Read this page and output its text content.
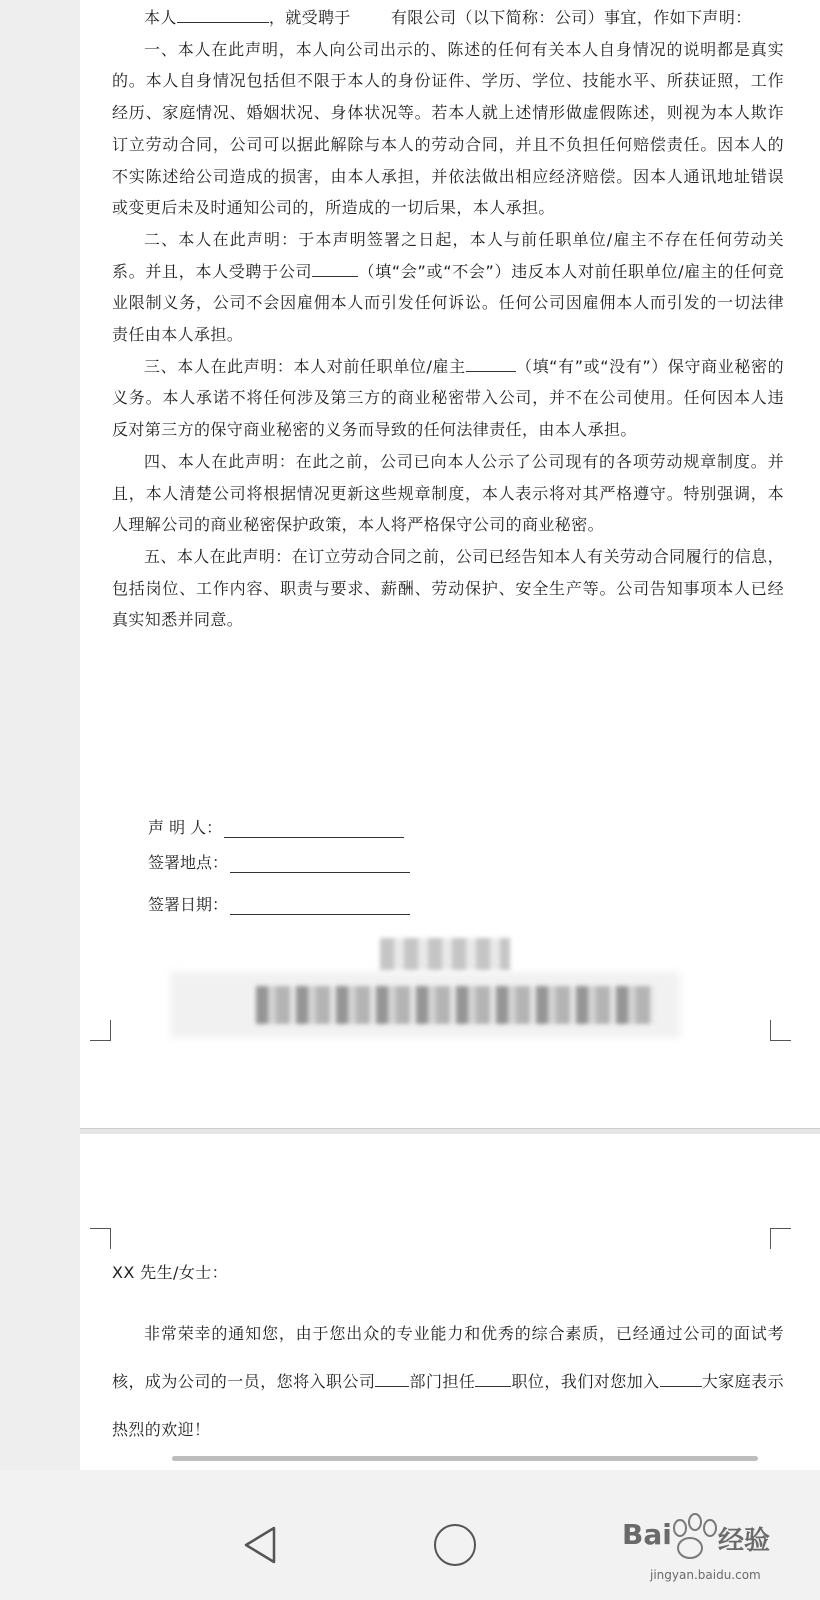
本人	，就受聘于	有限公司（以下简称：公司）事宜，作如下声明：

一、本人在此声明，本人向公司出示的、陈述的任何有关本人自身情况的说明都是真实的。本人自身情况包括但不限于本人的身份证件、学历、学位、技能水平、所获证照，工作经历、家庭情况、婚姻状况、身体状况等。若本人就上述情形做虚假陈述，则视为本人欺诈订立劳动合同，公司可以据此解除与本人的劳动合同，并且不负担任何赔偿责任。因本人的不实陈述给公司造成的损害，由本人承担，并依法做出相应经济赔偿。因本人通讯地址错误或变更后未及时通知公司的，所造成的一切后果，本人承担。

二、本人在此声明：于本声明签署之日起，本人与前任职单位/雇主不存在任何劳动关系。并且，本人受聘于公司	（填“会”或“不会”）违反本人对前任职单位/雇主的任何竞业限制义务，公司不会因雇佣本人而引发任何诉讼。任何公司因雇佣本人而引发的一切法律责任由本人承担。

三、本人在此声明：本人对前任职单位/雇主	（填“有”或“没有”）保守商业秘密的义务。本人承诺不将任何涉及第三方的商业秘密带入公司，并不在公司使用。任何因本人违反对第三方的保守商业秘密的义务而导致的任何法律责任，由本人承担。

四、本人在此声明：在此之前，公司已向本人公示了公司现有的各项劳动规章制度。并且，本人清楚公司将根据情况更新这些规章制度，本人表示将对其严格遵守。特别强调，本人理解公司的商业秘密保护政策，本人将严格保守公司的商业秘密。

五、本人在此声明：在订立劳动合同之前，公司已经告知本人有关劳动合同履行的信息，包括岗位、工作内容、职责与要求、薪酬、劳动保护、安全生产等。公司告知事项本人已经真实知悉并同意。

声 明 人：
签署地点：
签署日期：

XX 先生/女士：

非常荣幸的通知您，由于您出众的专业能力和优秀的综合素质，已经通过公司的面试考核，成为公司的一员，您将入职公司 部门担任 职位，我们对您加入	大家庭表示热烈的欢迎！

Bai 经验
jingyan.baidu.com
